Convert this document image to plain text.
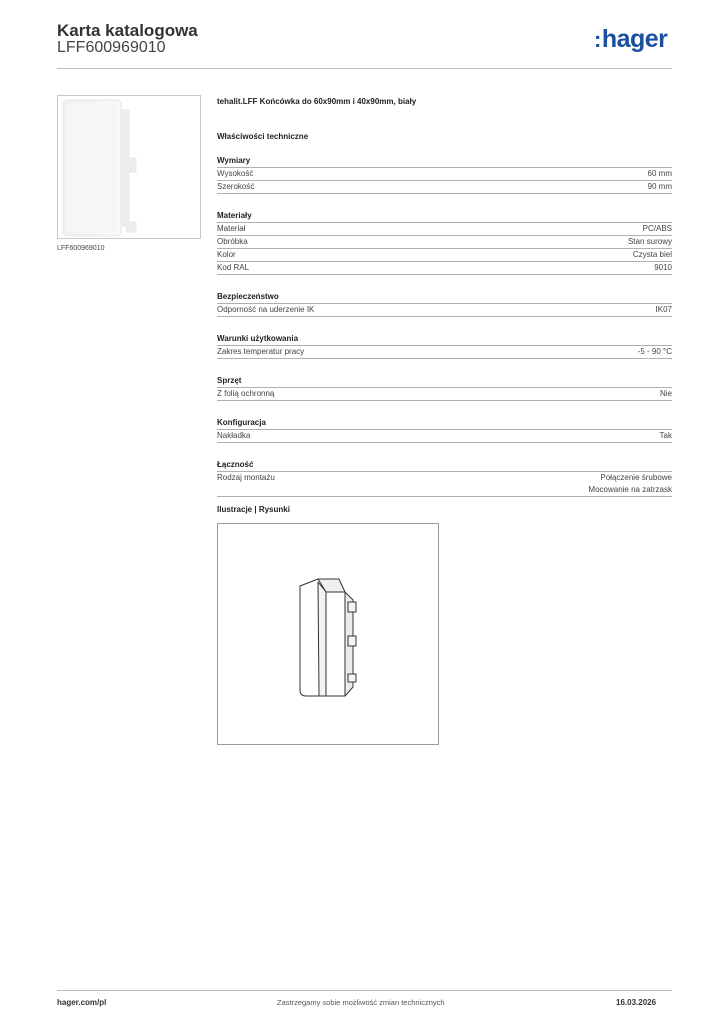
Karta katalogowa
LFF600969010	:hager
LFF600969010
tehalit.LFF Końcówka do 60x90mm i 40x90mm, biały
Właściwości techniczne
Wymiary
Wysokość	60 mm
Szerokość	90 mm
Materiały
Materiał	PC/ABS
Obróbka	Stan surowy
Kolor	Czysta biel
Kod RAL	9010
Bezpieczeństwo
Odporność na uderzenie IK	IK07
Warunki użytkowania
Zakres temperatur pracy	-5 - 90 °C
Sprzęt
Z folią ochronną	Nie
Konfiguracja
Nakładka	Tak
Łączność
Rodzaj montażu	Połączenie śrubowe
Mocowanie na zatrzask
Ilustracje | Rysunki
hager.com/pl	Zastrzegamy sobie możliwość zmian technicznych	16.03.2026
